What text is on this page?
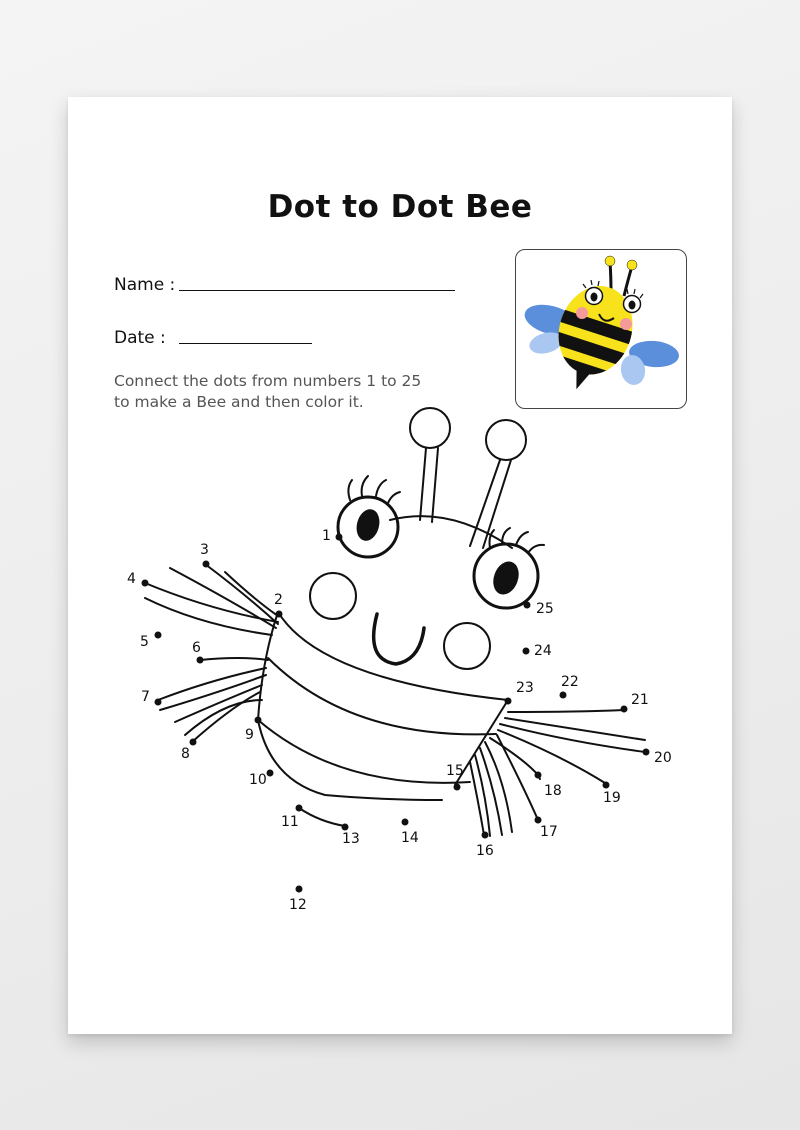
Dot to Dot Bee
Name :
Date :
Connect the dots from numbers 1 to 25
to make a Bee and then color it.
1
2
3
4
5	6
7
8
9
10
11
12
13	14
15
16
17
18	19
20
21
22
23
24
25
